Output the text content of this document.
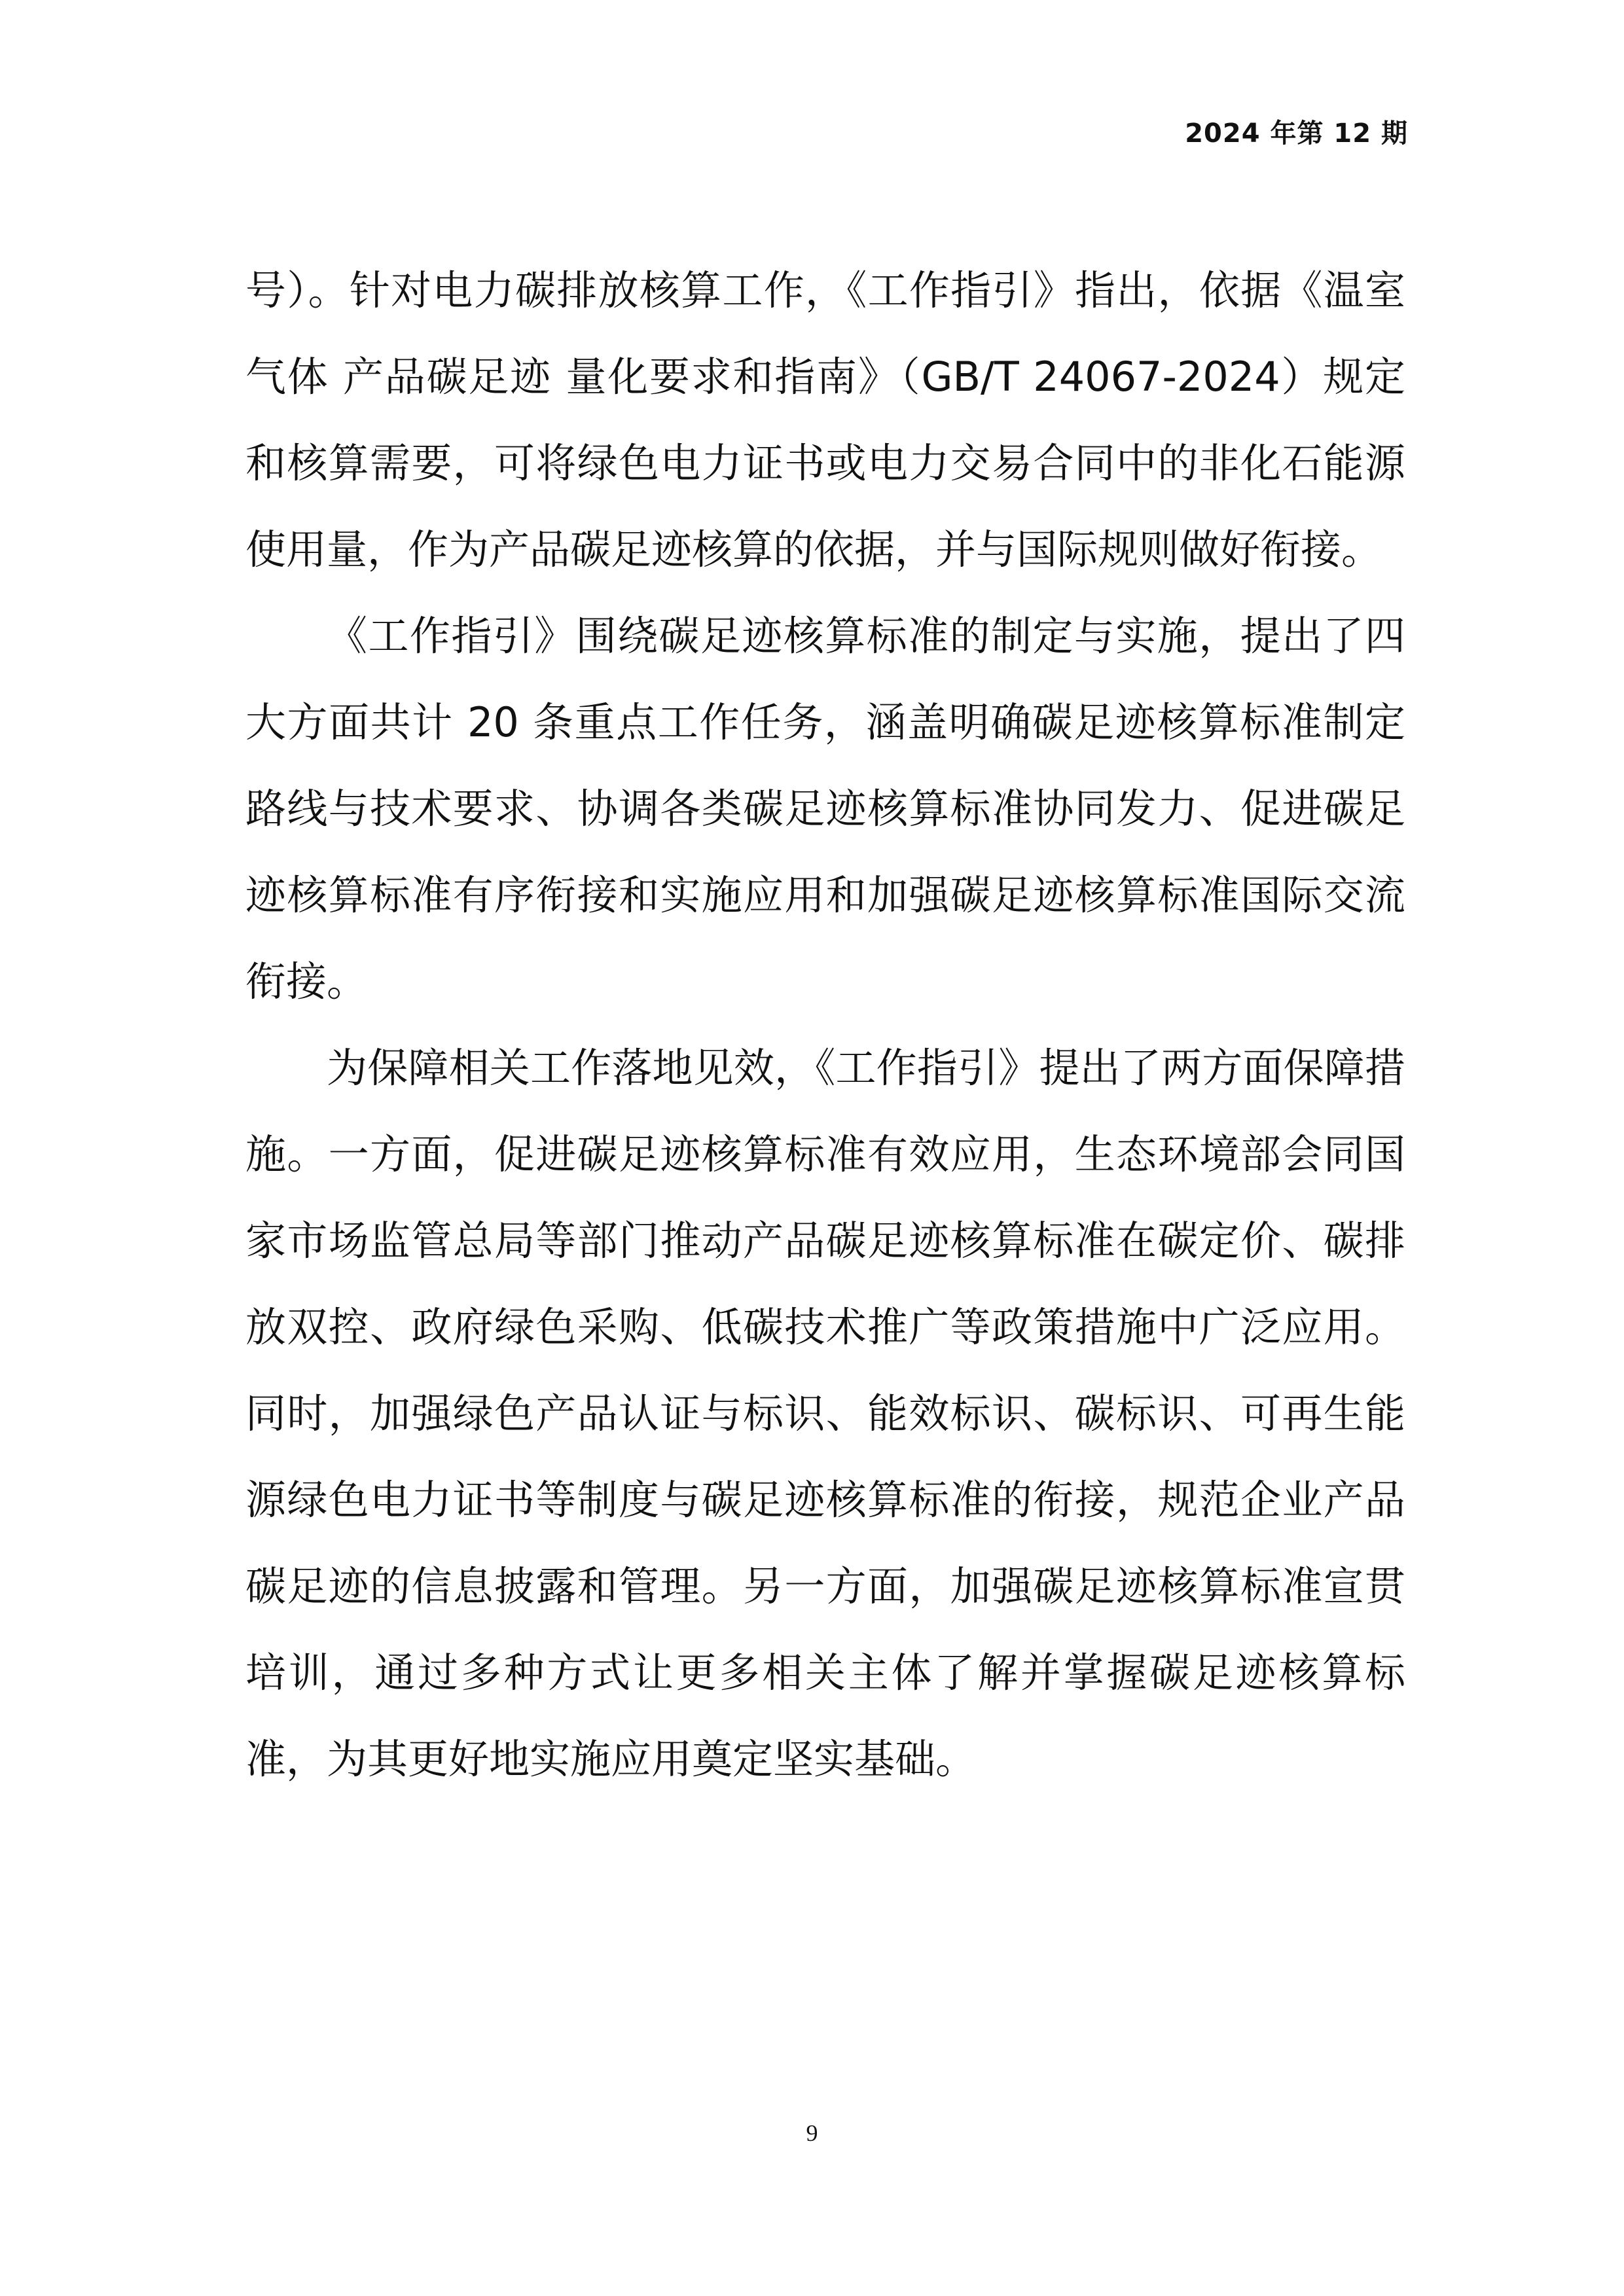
2024 年第 12 期

号）。针对电力碳排放核算工作，《工作指引》指出，依据《温室气体 产品碳足迹 量化要求和指南》（GB/T 24067-2024）规定和核算需要，可将绿色电力证书或电力交易合同中的非化石能源使用量，作为产品碳足迹核算的依据，并与国际规则做好衔接。

《工作指引》围绕碳足迹核算标准的制定与实施，提出了四大方面共计 20 条重点工作任务，涵盖明确碳足迹核算标准制定路线与技术要求、协调各类碳足迹核算标准协同发力、促进碳足迹核算标准有序衔接和实施应用和加强碳足迹核算标准国际交流衔接。

为保障相关工作落地见效，《工作指引》提出了两方面保障措施。一方面，促进碳足迹核算标准有效应用，生态环境部会同国家市场监管总局等部门推动产品碳足迹核算标准在碳定价、碳排放双控、政府绿色采购、低碳技术推广等政策措施中广泛应用。同时，加强绿色产品认证与标识、能效标识、碳标识、可再生能源绿色电力证书等制度与碳足迹核算标准的衔接，规范企业产品碳足迹的信息披露和管理。另一方面，加强碳足迹核算标准宣贯培训，通过多种方式让更多相关主体了解并掌握碳足迹核算标准，为其更好地实施应用奠定坚实基础。

9
